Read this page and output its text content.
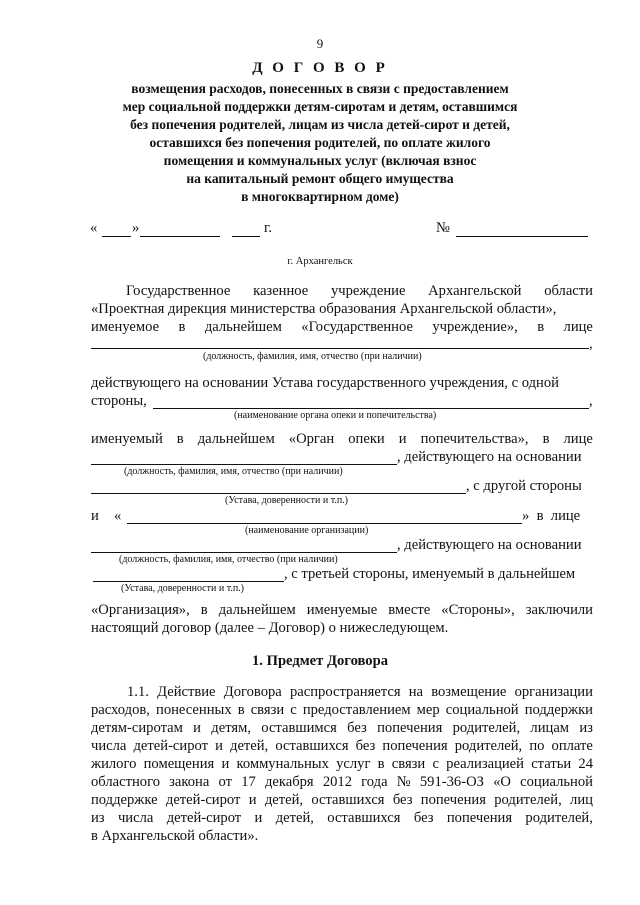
9
Д О Г О В О Р
возмещения расходов, понесенных в связи с предоставлением
мер социальной поддержки детям-сиротам и детям, оставшимся
без попечения родителей, лицам из числа детей-сирот и детей,
оставшихся без попечения родителей, по оплате жилого
помещения и коммунальных услуг (включая взнос
на капитальный ремонт общего имущества
в многоквартирном доме)
« »	г.	№
г. Архангельск
Государственное казенное учреждение Архангельской области
«Проектная дирекция министерства образования Архангельской области»,
именуемое в дальнейшем «Государственное учреждение», в лице
,
(должность, фамилия, имя, отчество (при наличии)
действующего на основании Устава государственного учреждения, с одной
стороны,	,
(наименование органа опеки и попечительства)
именуемый в дальнейшем «Орган опеки и попечительства», в лице
, действующего на основании
(должность, фамилия, имя, отчество (при наличии)
, с другой стороны
(Устава, доверенности и т.п.)
и «	»  в  лице
(наименование организации)
, действующего на основании
(должность, фамилия, имя, отчество (при наличии)
, с третьей стороны, именуемый в дальнейшем
(Устава, доверенности и т.п.)
«Организация», в дальнейшем именуемые вместе «Стороны», заключили
настоящий договор (далее – Договор) о нижеследующем.
1. Предмет Договора
1.1. Действие Договора распространяется на возмещение организации
расходов, понесенных в связи с предоставлением мер социальной поддержки
детям-сиротам и детям, оставшимся без попечения родителей, лицам из
числа детей-сирот и детей, оставшихся без попечения родителей, по оплате
жилого помещения и коммунальных услуг в связи с реализацией статьи 24
областного закона от 17 декабря 2012 года № 591-36-ОЗ «О социальной
поддержке детей-сирот и детей, оставшихся без попечения родителей, лиц
из числа детей-сирот и детей, оставшихся без попечения родителей,
в Архангельской области».
